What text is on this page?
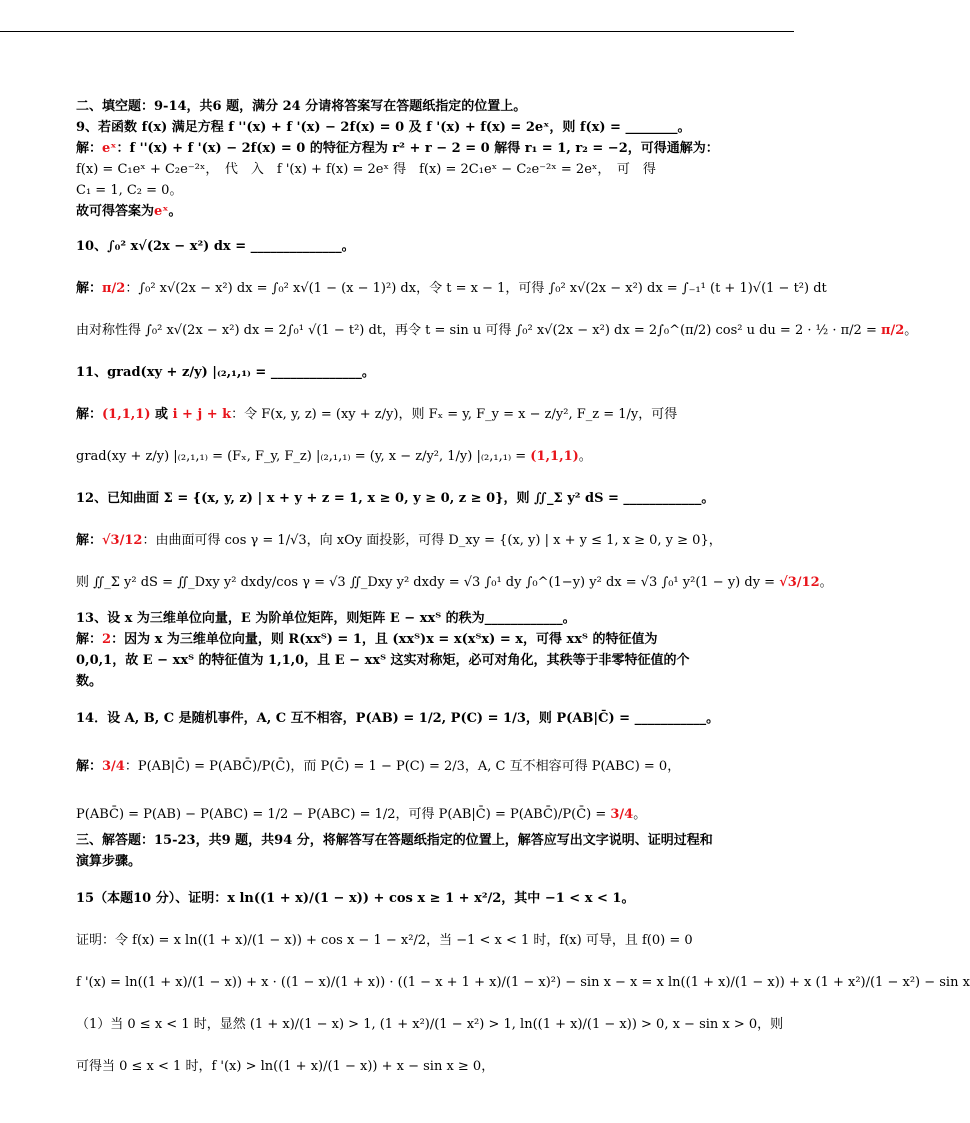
二、填空题：9-14，共6 题，满分 24 分请将答案写在答题纸指定的位置上。
9、若函数 f(x) 满足方程 f ''(x) + f '(x) − 2f(x) = 0 及 f '(x) + f(x) = 2eˣ，则 f(x) = ________。
解：eˣ：f ''(x) + f '(x) − 2f(x) = 0 的特征方程为 r² + r − 2 = 0 解得 r₁ = 1, r₂ = −2，可得通解为：
f(x) = C₁eˣ + C₂e⁻²ˣ，　代　入　f '(x) + f(x) = 2eˣ 得　f(x) = 2C₁eˣ − C₂e⁻²ˣ = 2eˣ，　可　得
C₁ = 1, C₂ = 0。
故可得答案为eˣ。
10、∫₀² x√(2x − x²) dx = ______________。
解：π/2：∫₀² x√(2x − x²) dx = ∫₀² x√(1 − (x − 1)²) dx，令 t = x − 1，可得 ∫₀² x√(2x − x²) dx = ∫₋₁¹ (t + 1)√(1 − t²) dt
由对称性得 ∫₀² x√(2x − x²) dx = 2∫₀¹ √(1 − t²) dt，再令 t = sin u 可得 ∫₀² x√(2x − x²) dx = 2∫₀^(π/2) cos² u du = 2 · ½ · π/2 = π/2。
11、grad(xy + z/y) |₍₂,₁,₁₎ = ______________。
解：(1,1,1) 或 i + j + k：令 F(x, y, z) = (xy + z/y)，则 Fₓ = y, F_y = x − z/y², F_z = 1/y，可得
grad(xy + z/y) |₍₂,₁,₁₎ = (Fₓ, F_y, F_z) |₍₂,₁,₁₎ = (y, x − z/y², 1/y) |₍₂,₁,₁₎ = (1,1,1)。
12、已知曲面 Σ = {(x, y, z) | x + y + z = 1, x ≥ 0, y ≥ 0, z ≥ 0}，则 ∬_Σ y² dS = ____________。
解：√3/12：由曲面可得 cos γ = 1/√3，向 xOy 面投影，可得 D_xy = {(x, y) | x + y ≤ 1, x ≥ 0, y ≥ 0}，
则 ∬_Σ y² dS = ∬_Dxy y² dxdy/cos γ = √3 ∬_Dxy y² dxdy = √3 ∫₀¹ dy ∫₀^(1−y) y² dx = √3 ∫₀¹ y²(1 − y) dy = √3/12。
13、设 x 为三维单位向量，E 为阶单位矩阵，则矩阵 E − xxᵀ 的秩为____________。
解：2：因为 x 为三维单位向量，则 R(xxᵀ) = 1，且 (xxᵀ)x = x(xᵀx) = x，可得 xxᵀ 的特征值为
0,0,1，故 E − xxᵀ 的特征值为 1,1,0，且 E − xxᵀ 这实对称矩，必可对角化，其秩等于非零特征值的个
数。
14．设 A, B, C 是随机事件，A, C 互不相容，P(AB) = 1/2, P(C) = 1/3，则 P(AB|C̄) = ___________。
解：3/4：P(AB|C̄) = P(ABC̄)/P(C̄)，而 P(C̄) = 1 − P(C) = 2/3，A, C 互不相容可得 P(ABC) = 0，
P(ABC̄) = P(AB) − P(ABC) = 1/2 − P(ABC) = 1/2，可得 P(AB|C̄) = P(ABC̄)/P(C̄) = 3/4。
三、解答题：15-23，共9 题，共94 分，将解答写在答题纸指定的位置上，解答应写出文字说明、证明过程和演算步骤。
15（本题10 分）、证明：x ln((1 + x)/(1 − x)) + cos x ≥ 1 + x²/2，其中 −1 < x < 1。
证明：令 f(x) = x ln((1 + x)/(1 − x)) + cos x − 1 − x²/2，当 −1 < x < 1 时，f(x) 可导，且 f(0) = 0
f '(x) = ln((1 + x)/(1 − x)) + x · ((1 − x)/(1 + x)) · ((1 − x + 1 + x)/(1 − x)²) − sin x − x = x ln((1 + x)/(1 − x)) + x (1 + x²)/(1 − x²) − sin x
（1）当 0 ≤ x < 1 时，显然 (1 + x)/(1 − x) > 1, (1 + x²)/(1 − x²) > 1, ln((1 + x)/(1 − x)) > 0, x − sin x > 0，则
可得当 0 ≤ x < 1 时，f '(x) > ln((1 + x)/(1 − x)) + x − sin x ≥ 0，
